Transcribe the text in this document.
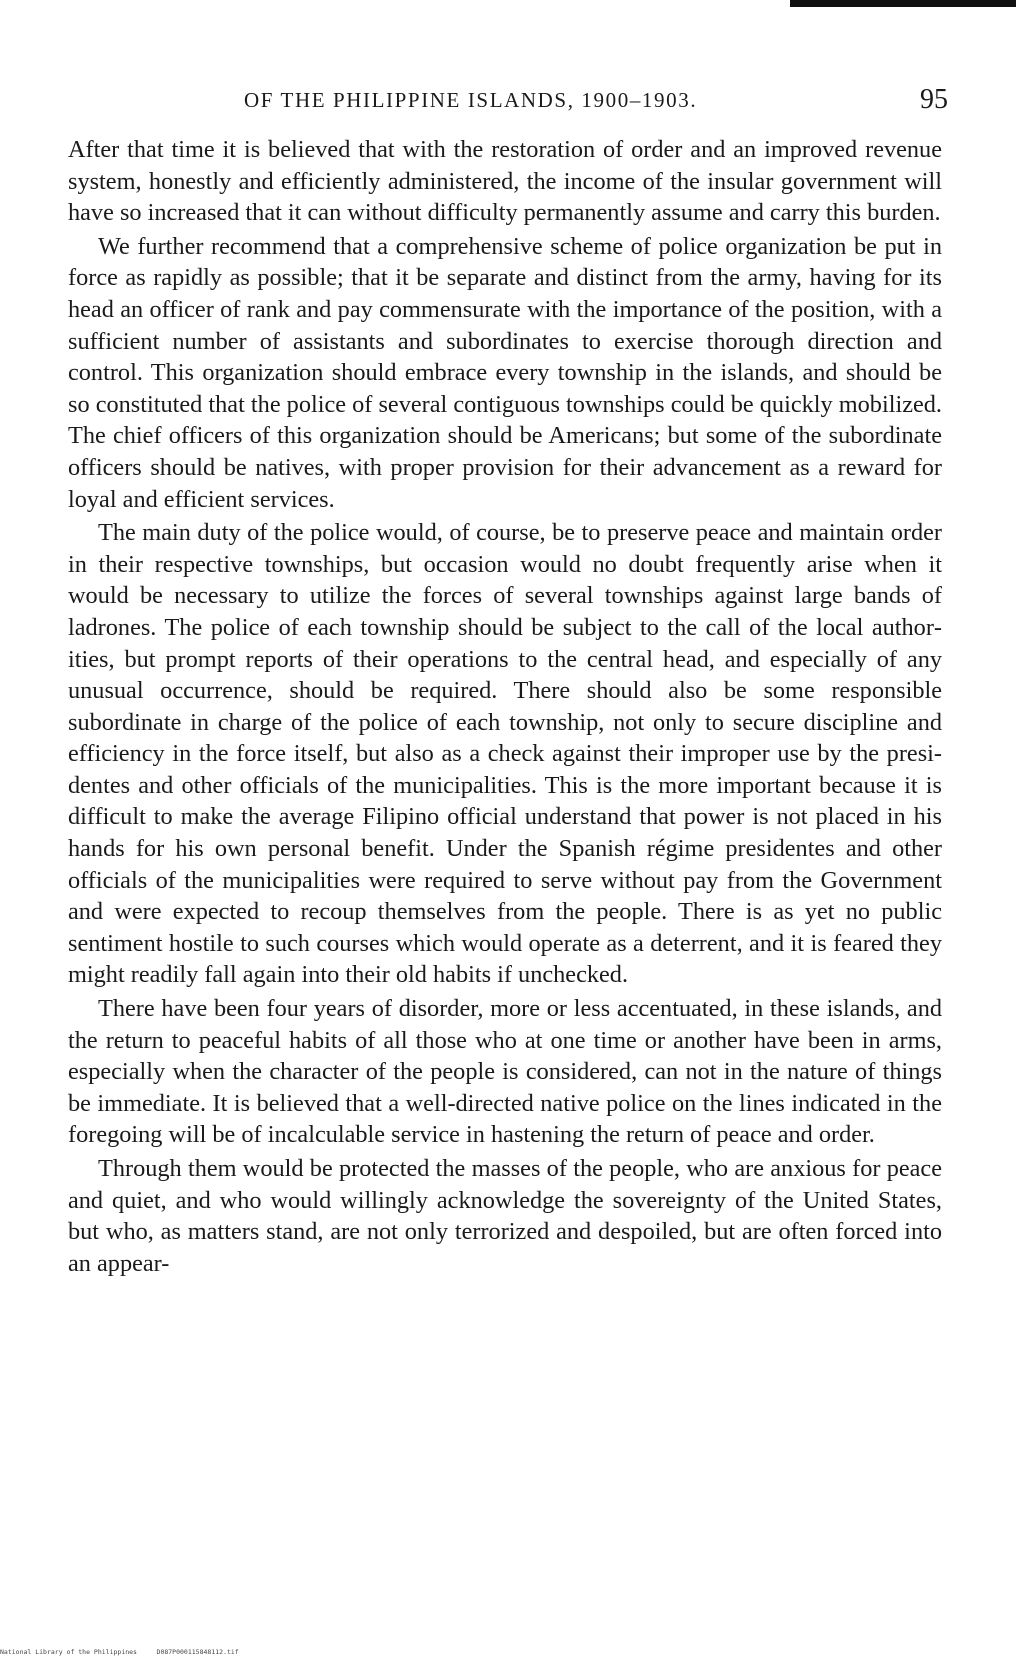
OF THE PHILIPPINE ISLANDS, 1900–1903.	95

After that time it is believed that with the restoration of order and an improved revenue system, honestly and efficiently administered, the income of the insular government will have so increased that it can without difficulty permanently assume and carry this burden.

We further recommend that a comprehensive scheme of police organization be put in force as rapidly as possible; that it be separate and distinct from the army, having for its head an officer of rank and pay commensurate with the importance of the position, with a sufficient number of assistants and subordinates to exercise thorough direction and control. This organization should embrace every township in the islands, and should be so constituted that the police of several contiguous townships could be quickly mobilized. The chief officers of this organization should be Americans; but some of the subordinate officers should be natives, with proper provision for their advancement as a reward for loyal and efficient services.

The main duty of the police would, of course, be to preserve peace and maintain order in their respective townships, but occasion would no doubt frequently arise when it would be necessary to utilize the forces of several townships against large bands of ladrones. The police of each township should be subject to the call of the local authorities, but prompt reports of their operations to the central head, and especially of any unusual occurrence, should be required. There should also be some responsible subordinate in charge of the police of each township, not only to secure discipline and efficiency in the force itself, but also as a check against their improper use by the presidentes and other officials of the municipalities. This is the more important because it is difficult to make the average Filipino official understand that power is not placed in his hands for his own personal benefit. Under the Spanish régime presidentes and other officials of the municipalities were required to serve without pay from the Government and were expected to recoup themselves from the people. There is as yet no public sentiment hostile to such courses which would operate as a deterrent, and it is feared they might readily fall again into their old habits if unchecked.

There have been four years of disorder, more or less accentuated, in these islands, and the return to peaceful habits of all those who at one time or another have been in arms, especially when the character of the people is considered, can not in the nature of things be immediate. It is believed that a well-directed native police on the lines indicated in the foregoing will be of incalculable service in hastening the return of peace and order.

Through them would be protected the masses of the people, who are anxious for peace and quiet, and who would willingly acknowledge the sovereignty of the United States, but who, as matters stand, are not only terrorized and despoiled, but are often forced into an appear-

National Library of the Philippines     D087P000115848112.tif
